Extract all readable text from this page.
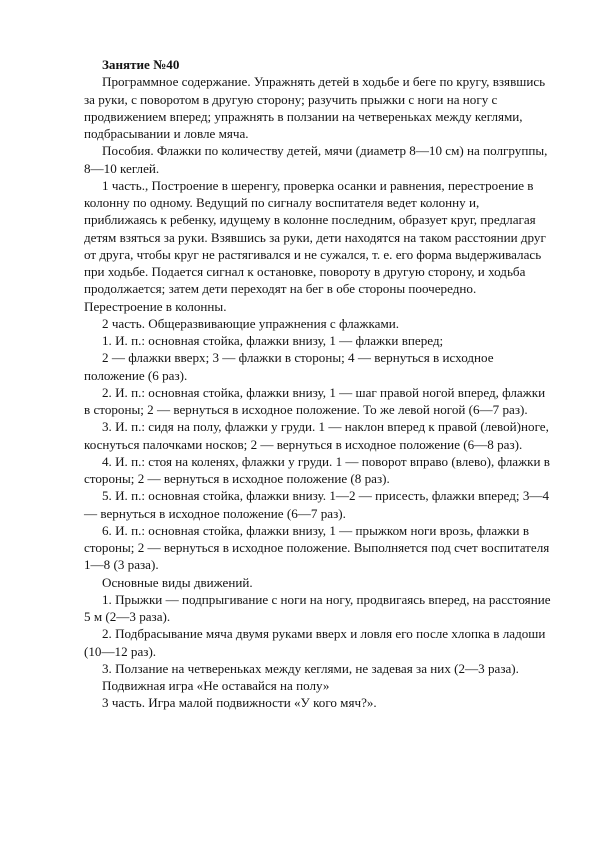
Занятие №40

Программное содержание. Упражнять детей в ходьбе и беге по кругу, взявшись за руки, с поворотом в другую сторону; разучить прыжки с ноги на ногу с продвижением вперед; упражнять в ползании на четвереньках между кеглями, подбрасывании и ловле мяча.

Пособия. Флажки по количеству детей, мячи (диаметр 8—10 см) на полгруппы, 8—10 кеглей.

1 часть., Построение в шеренгу, проверка осанки и равнения, перестроение в колонну по одному. Ведущий по сигналу воспитателя ведет колонну и, приближаясь к ребенку, идущему в колонне последним, образует круг, предлагая детям взяться за руки. Взявшись за руки, дети находятся на таком расстоянии друг от друга, чтобы круг не растягивался и не сужался, т. е. его форма выдерживалась при ходьбе. Подается сигнал к остановке, повороту в другую сторону, и ходьба продолжается; затем дети переходят на бег в обе стороны поочередно. Перестроение в колонны.

2 часть. Общеразвивающие упражнения с флажками.

1. И. п.: основная стойка, флажки внизу, 1 — флажки вперед;

2 — флажки вверх; 3 — флажки в стороны; 4 — вернуться в исходное положение (6 раз).

2. И. п.: основная стойка, флажки внизу, 1 — шаг правой ногой вперед, флажки в стороны; 2 — вернуться в исходное положение. То же левой ногой (6—7 раз).

3. И. п.: сидя на полу, флажки у груди. 1 — наклон вперед к правой (левой)ноге, коснуться палочками носков; 2 — вернуться в исходное положение (6—8 раз).

4. И. п.: стоя на коленях, флажки у груди. 1 — поворот вправо (влево), флажки в стороны; 2 — вернуться в исходное положение (8 раз).

5. И. п.: основная стойка, флажки внизу. 1—2 — присесть, флажки вперед; 3—4 — вернуться в исходное положение (6—7 раз).

6. И. п.: основная стойка, флажки внизу, 1 — прыжком ноги врозь, флажки в стороны; 2 — вернуться в исходное положение. Выполняется под счет воспитателя 1—8 (3 раза).

Основные виды движений.

1. Прыжки — подпрыгивание с ноги на ногу, продвигаясь вперед, на расстояние 5 м (2—3 раза).

2. Подбрасывание мяча двумя руками вверх и ловля его после хлопка в ладоши (10—12 раз).

3. Ползание на четвереньках между кеглями, не задевая за них (2—3 раза).

Подвижная игра «Не оставайся на полу»

3 часть. Игра малой подвижности «У кого мяч?».
